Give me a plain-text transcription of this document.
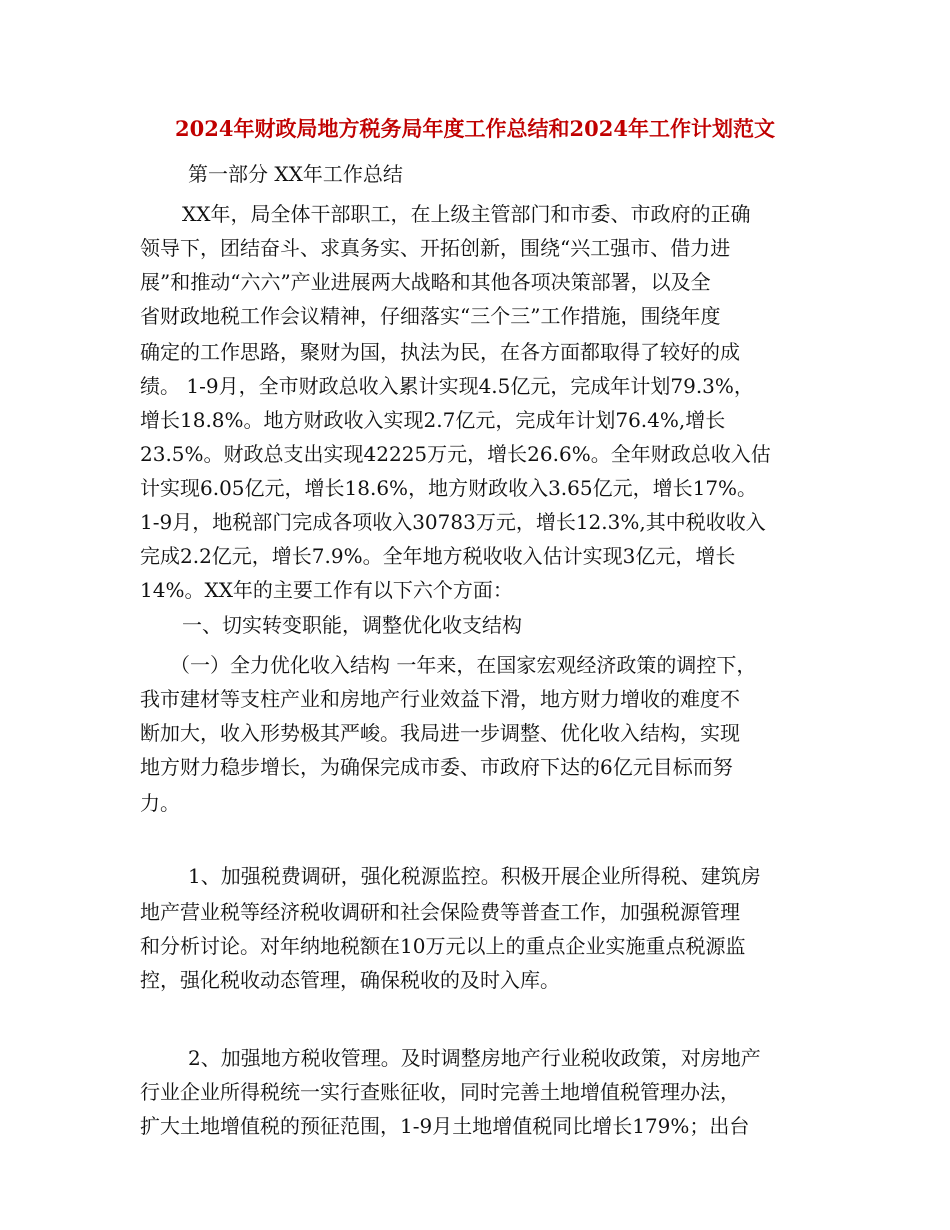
2024年财政局地方税务局年度工作总结和2024年工作计划范文
第一部分 XX年工作总结
XX年，局全体干部职工，在上级主管部门和市委、市政府的正确
领导下，团结奋斗、求真务实、开拓创新，围绕“兴工强市、借力进
展”和推动“六六”产业进展两大战略和其他各项决策部署，以及全
省财政地税工作会议精神，仔细落实“三个三”工作措施，围绕年度
确定的工作思路，聚财为国，执法为民，在各方面都取得了较好的成
绩。 1-9月，全市财政总收入累计实现4.5亿元，完成年计划79.3%，
增长18.8%。地方财政收入实现2.7亿元，完成年计划76.4%,增长
23.5%。财政总支出实现42225万元，增长26.6%。全年财政总收入估
计实现6.05亿元，增长18.6%，地方财政收入3.65亿元，增长17%。
1-9月，地税部门完成各项收入30783万元，增长12.3%,其中税收收入
完成2.2亿元，增长7.9%。全年地方税收收入估计实现3亿元，增长
14%。XX年的主要工作有以下六个方面：
一、切实转变职能，调整优化收支结构
（一）全力优化收入结构 一年来，在国家宏观经济政策的调控下，
我市建材等支柱产业和房地产行业效益下滑，地方财力增收的难度不
断加大，收入形势极其严峻。我局进一步调整、优化收入结构，实现
地方财力稳步增长，为确保完成市委、市政府下达的6亿元目标而努
力。
1、加强税费调研，强化税源监控。积极开展企业所得税、建筑房
地产营业税等经济税收调研和社会保险费等普查工作，加强税源管理
和分析讨论。对年纳地税额在10万元以上的重点企业实施重点税源监
控，强化税收动态管理，确保税收的及时入库。
2、加强地方税收管理。及时调整房地产行业税收政策，对房地产
行业企业所得税统一实行查账征收，同时完善土地增值税管理办法，
扩大土地增值税的预征范围，1-9月土地增值税同比增长179%；出台
